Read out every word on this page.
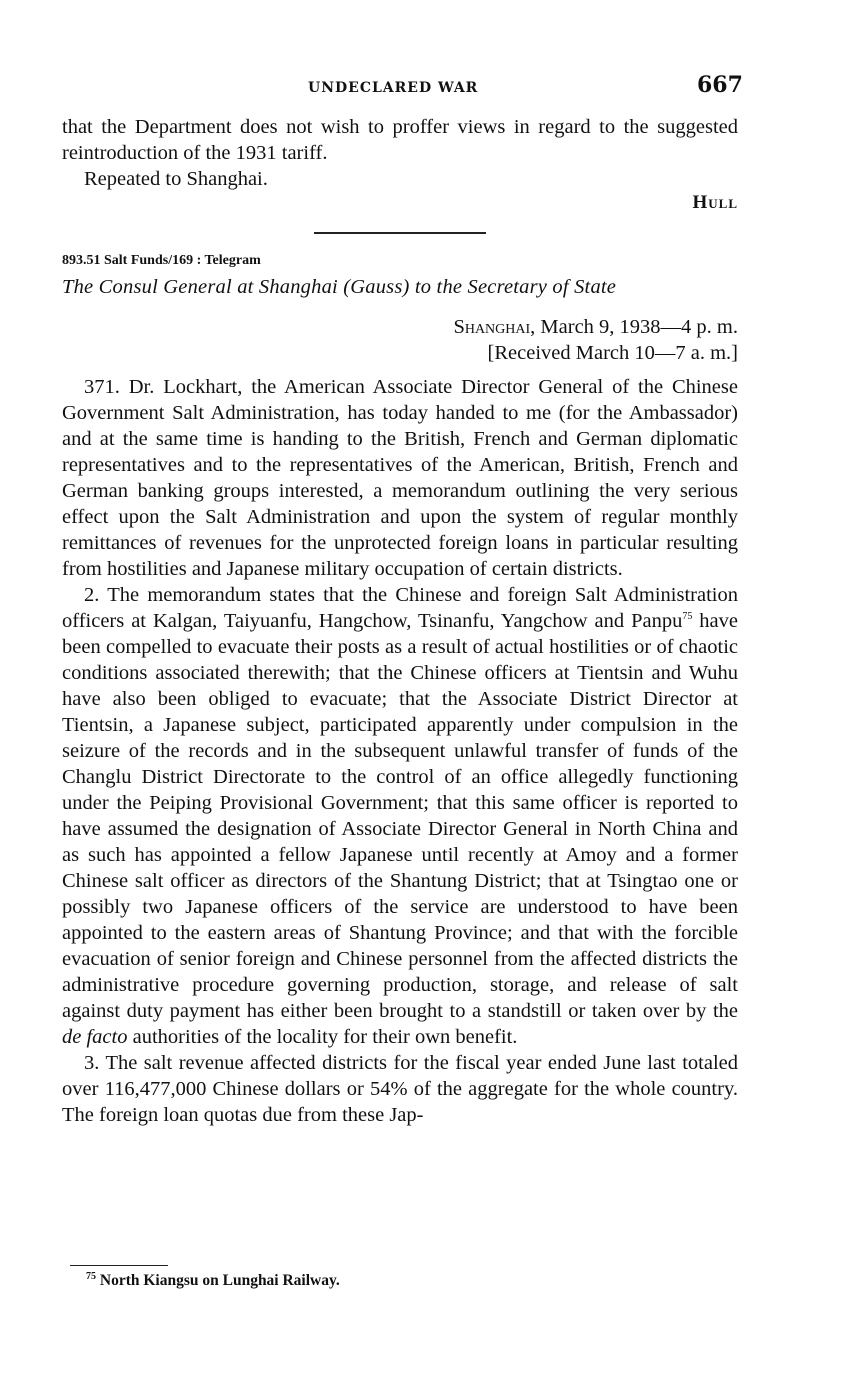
UNDECLARED WAR	667

that the Department does not wish to proffer views in regard to the suggested reintroduction of the 1931 tariff.

Repeated to Shanghai.

Hull
893.51 Salt Funds/169 : Telegram
The Consul General at Shanghai (Gauss) to the Secretary of State
Shanghai, March 9, 1938—4 p. m.
[Received March 10—7 a. m.]

371. Dr. Lockhart, the American Associate Director General of the Chinese Government Salt Administration, has today handed to me (for the Ambassador) and at the same time is handing to the British, French and German diplomatic representatives and to the representatives of the American, British, French and German banking groups interested, a memorandum outlining the very serious effect upon the Salt Administration and upon the system of regular monthly remittances of revenues for the unprotected foreign loans in particular resulting from hostilities and Japanese military occupation of certain districts.

2. The memorandum states that the Chinese and foreign Salt Administration officers at Kalgan, Taiyuanfu, Hangchow, Tsinanfu, Yangchow and Panpu$^{75}$ have been compelled to evacuate their posts as a result of actual hostilities or of chaotic conditions associated therewith; that the Chinese officers at Tientsin and Wuhu have also been obliged to evacuate; that the Associate District Director at Tientsin, a Japanese subject, participated apparently under compulsion in the seizure of the records and in the subsequent unlawful transfer of funds of the Changlu District Directorate to the control of an office allegedly functioning under the Peiping Provisional Government; that this same officer is reported to have assumed the designation of Associate Director General in North China and as such has appointed a fellow Japanese until recently at Amoy and a former Chinese salt officer as directors of the Shantung District; that at Tsingtao one or possibly two Japanese officers of the service are understood to have been appointed to the eastern areas of Shantung Province; and that with the forcible evacuation of senior foreign and Chinese personnel from the affected districts the administrative procedure governing production, storage, and release of salt against duty payment has either been brought to a standstill or taken over by the de facto authorities of the locality for their own benefit.

3. The salt revenue affected districts for the fiscal year ended June last totaled over 116,477,000 Chinese dollars or 54% of the aggregate for the whole country. The foreign loan quotas due from these Jap-

$^{75}$ North Kiangsu on Lunghai Railway.
